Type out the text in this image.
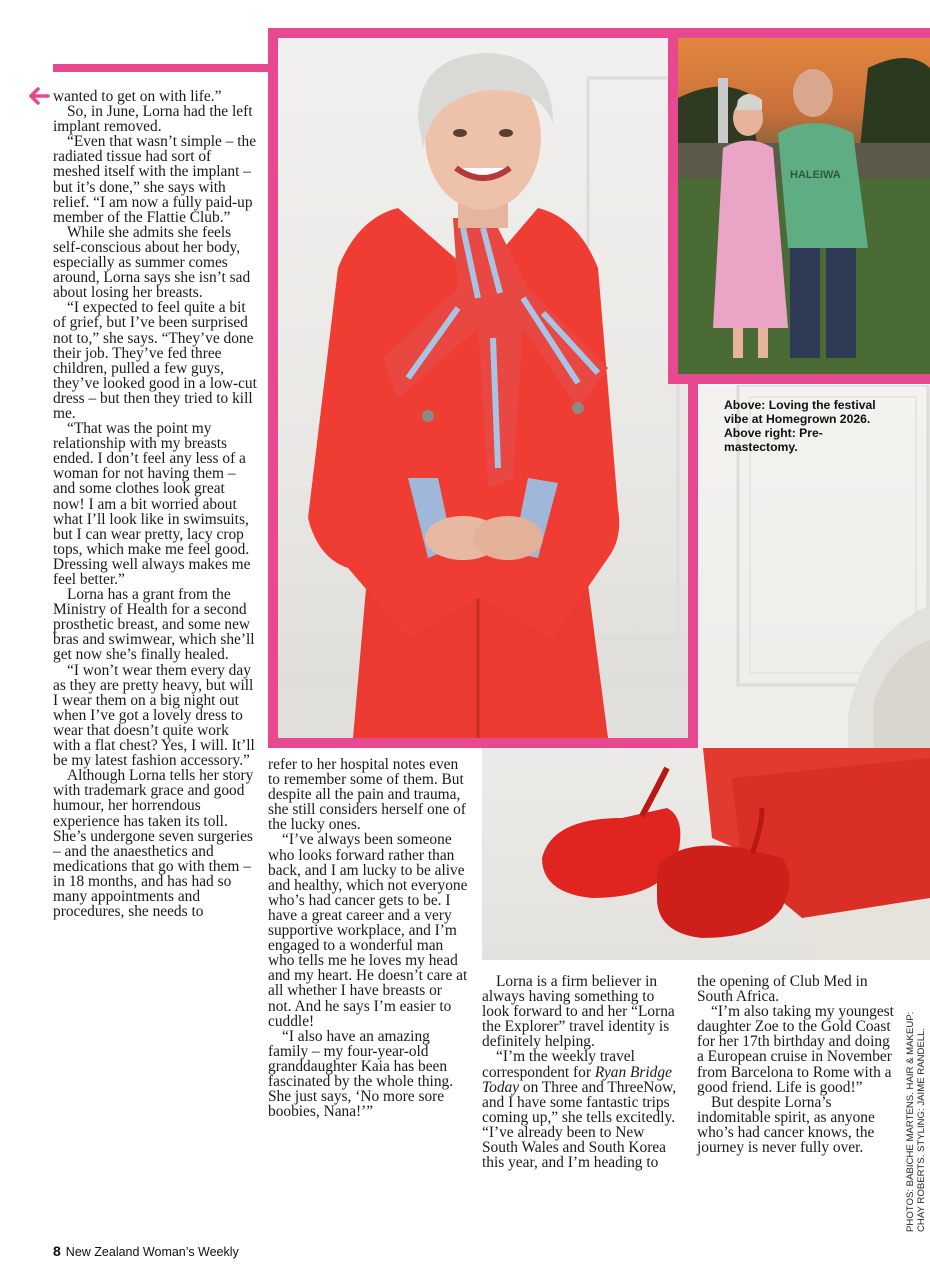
HALEIWA

wanted to get on with life.”

So, in June, Lorna had the left implant removed.

“Even that wasn’t simple – the radiated tissue had sort of meshed itself with the implant – but it’s done,” she says with relief. “I am now a fully paid-up member of the Flattie Club.”

While she admits she feels self-conscious about her body, especially as summer comes around, Lorna says she isn’t sad about losing her breasts.

“I expected to feel quite a bit of grief, but I’ve been surprised not to,” she says. “They’ve done their job. They’ve fed three children, pulled a few guys, they’ve looked good in a low-cut dress – but then they tried to kill me.

“That was the point my relationship with my breasts ended. I don’t feel any less of a woman for not having them – and some clothes look great now! I am a bit worried about what I’ll look like in swimsuits, but I can wear pretty, lacy crop tops, which make me feel good. Dressing well always makes me feel better.”

Lorna has a grant from the Ministry of Health for a second prosthetic breast, and some new bras and swimwear, which she’ll get now she’s finally healed.

“I won’t wear them every day as they are pretty heavy, but will I wear them on a big night out when I’ve got a lovely dress to wear that doesn’t quite work with a flat chest? Yes, I will. It’ll be my latest fashion accessory.”

Although Lorna tells her story with trademark grace and good humour, her horrendous experience has taken its toll. She’s undergone seven surgeries – and the anaesthetics and medications that go with them – in 18 months, and has had so many appointments and procedures, she needs to

refer to her hospital notes even to remember some of them. But despite all the pain and trauma, she still considers herself one of the lucky ones.

“I’ve always been someone who looks forward rather than back, and I am lucky to be alive and healthy, which not everyone who’s had cancer gets to be. I have a great career and a very supportive workplace, and I’m engaged to a wonderful man who tells me he loves my head and my heart. He doesn’t care at all whether I have breasts or not. And he says I’m easier to cuddle!

“I also have an amazing family – my four-year-old granddaughter Kaia has been fascinated by the whole thing. She just says, ‘No more sore boobies, Nana!’”

Lorna is a firm believer in always having something to look forward to and her “Lorna the Explorer” travel identity is definitely helping.

“I’m the weekly travel correspondent for Ryan Bridge Today on Three and ThreeNow, and I have some fantastic trips coming up,” she tells excitedly. “I’ve already been to New South Wales and South Korea this year, and I’m heading to

the opening of Club Med in South Africa.

“I’m also taking my youngest daughter Zoe to the Gold Coast for her 17th birthday and doing a European cruise in November from Barcelona to Rome with a good friend. Life is good!”

But despite Lorna’s indomitable spirit, as anyone who’s had cancer knows, the journey is never fully over.

Above: Loving the festival vibe at Homegrown 2026.
Above right: Pre-mastectomy.
PHOTOS: BABICHE MARTENS. HAIR & MAKEUP: CHAY ROBERTS. STYLING: JAIME RANDELL.
8 New Zealand Woman’s Weekly
